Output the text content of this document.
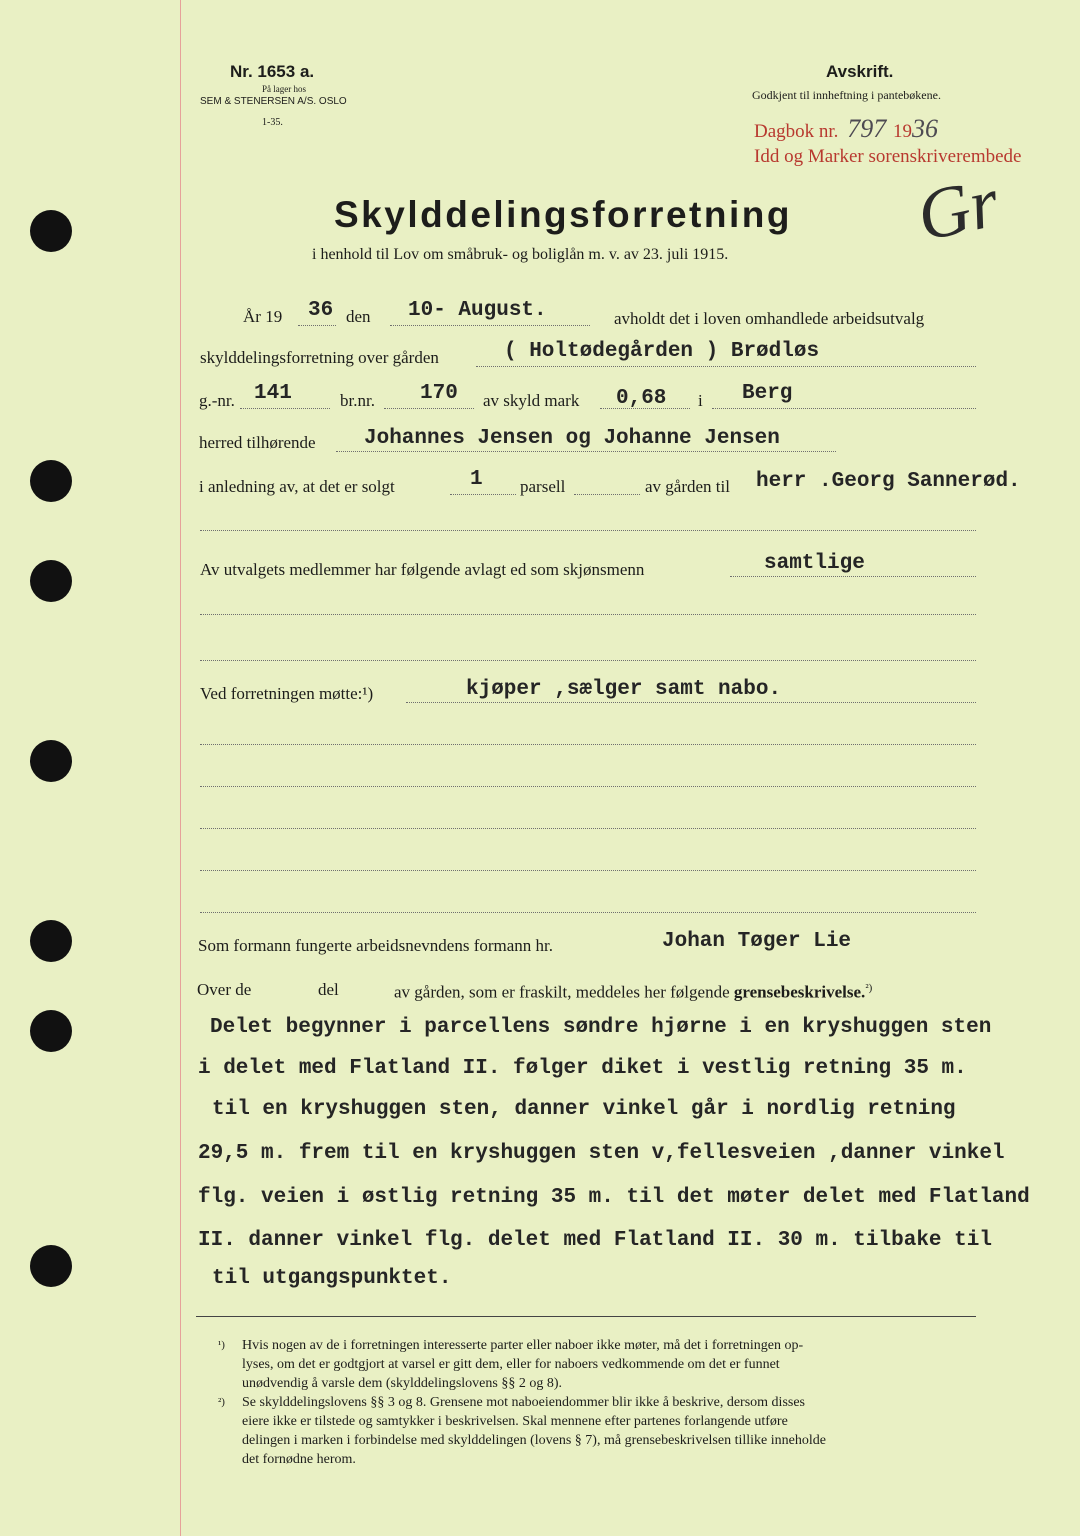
Nr. 1653 a.
På lager hos
SEM & STENERSEN A/S. OSLO
1-35.
Avskrift.
Godkjent til innheftning i pantebøkene.
Dagbok nr. 797 1936
Idd og Marker sorenskriverembede
Gr
Skylddelingsforretning
i henhold til Lov om småbruk- og boliglån m. v. av 23. juli 1915.
År 19 36 den 10- August.	avholdt det i loven omhandlede arbeidsutvalg
skylddelingsforretning over gården	( Holtødegården ) Brødløs
g.-nr. 141	br.nr. 170 av skyld mark 0,68 i Berg
herred tilhørende Johannes Jensen og Johanne Jensen
i anledning av, at det er solgt	1 parsell	av gården til herr .Georg Sannerød.
Av utvalgets medlemmer har følgende avlagt ed som skjønsmenn	samtlige
Ved forretningen møtte:¹)	kjøper ,sælger samt nabo.
Som formann fungerte arbeidsnevndens formann hr.	Johan Tøger Lie
Over de	del	av gården, som er fraskilt, meddeles her følgende grensebeskrivelse.$^{^2)}$
Delet begynner i parcellens søndre hjørne i en kryshuggen sten
i delet med Flatland II. følger diket i vestlig retning 35 m.
til en kryshuggen sten, danner vinkel går i nordlig retning
29,5 m. frem til en kryshuggen sten v,fellesveien ,danner vinkel
flg. veien i østlig retning 35 m. til det møter delet med Flatland
II. danner vinkel flg. delet med Flatland II. 30 m. tilbake til
til utgangspunktet.
¹) Hvis nogen av de i forretningen interesserte parter eller naboer ikke møter, må det i forretningen op-
lyses, om det er godtgjort at varsel er gitt dem, eller for naboers vedkommende om det er funnet
unødvendig å varsle dem (skylddelingslovens §§ 2 og 8).
²) Se skylddelingslovens §§ 3 og 8. Grensene mot naboeiendommer blir ikke å beskrive, dersom disses
eiere ikke er tilstede og samtykker i beskrivelsen. Skal mennene efter partenes forlangende utføre
delingen i marken i forbindelse med skylddelingen (lovens § 7), må grensebeskrivelsen tillike inneholde
det fornødne herom.
